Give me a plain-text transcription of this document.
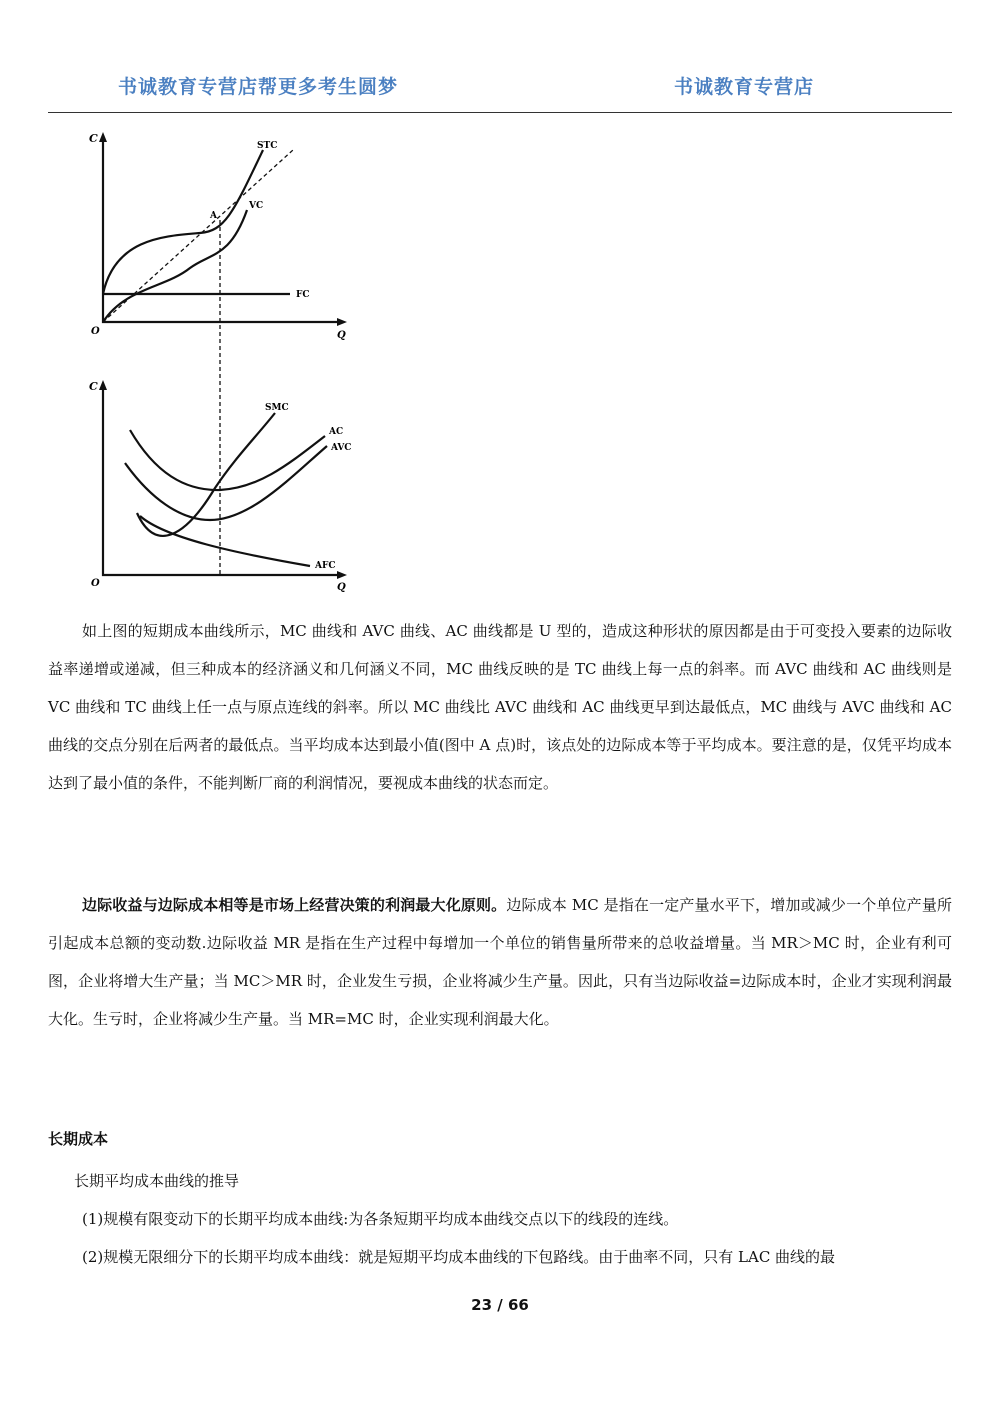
书诚教育专营店帮更多考生圆梦	书诚教育专营店
C
Q
O
STC
VC
FC
A
C
Q
O
SMC
AC
AVC
AFC

如上图的短期成本曲线所示，MC 曲线和 AVC 曲线、AC 曲线都是 U 型的，造成这种形状的原因都是由于可变投入要素的边际收益率递增或递减，但三种成本的经济涵义和几何涵义不同，MC 曲线反映的是 TC 曲线上每一点的斜率。而 AVC 曲线和 AC 曲线则是 VC 曲线和 TC 曲线上任一点与原点连线的斜率。所以 MC 曲线比 AVC 曲线和 AC 曲线更早到达最低点，MC 曲线与 AVC 曲线和 AC 曲线的交点分别在后两者的最低点。当平均成本达到最小值(图中 A 点)时，该点处的边际成本等于平均成本。要注意的是，仅凭平均成本达到了最小值的条件，不能判断厂商的利润情况，要视成本曲线的状态而定。

边际收益与边际成本相等是市场上经营决策的利润最大化原则。边际成本 MC 是指在一定产量水平下，增加或减少一个单位产量所引起成本总额的变动数.边际收益 MR 是指在生产过程中每增加一个单位的销售量所带来的总收益增量。当 MR＞MC 时，企业有利可图，企业将增大生产量；当 MC＞MR 时，企业发生亏损，企业将减少生产量。因此，只有当边际收益=边际成本时，企业才实现利润最大化。生亏时，企业将减少生产量。当 MR=MC 时，企业实现利润最大化。

长期成本
长期平均成本曲线的推导
(1)规模有限变动下的长期平均成本曲线:为各条短期平均成本曲线交点以下的线段的连线。
(2)规模无限细分下的长期平均成本曲线：就是短期平均成本曲线的下包路线。由于曲率不同，只有 LAC 曲线的最
23 / 66
